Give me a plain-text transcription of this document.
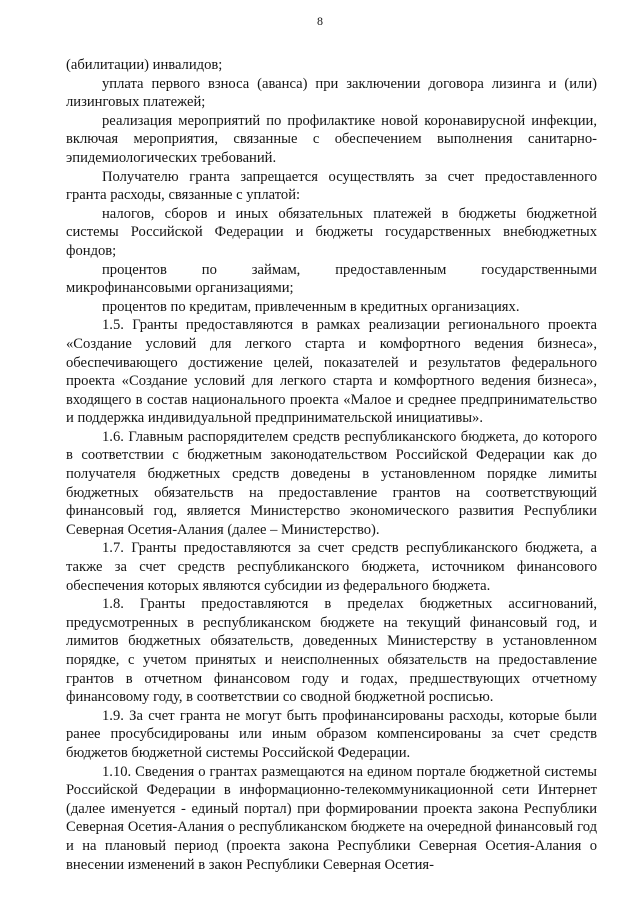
8

(абилитации) инвалидов;

уплата первого взноса (аванса) при заключении договора лизинга и (или) лизинговых платежей;

реализация мероприятий по профилактике новой коронавирусной инфекции, включая мероприятия, связанные с обеспечением выполнения санитарно-эпидемиологических требований.

Получателю гранта запрещается осуществлять за счет предоставленного гранта расходы, связанные с уплатой:

налогов, сборов и иных обязательных платежей в бюджеты бюджетной системы Российской Федерации и бюджеты государственных внебюджетных фондов;

процентов по займам, предоставленным государственными микрофинансовыми организациями;

процентов по кредитам, привлеченным в кредитных организациях.

1.5. Гранты предоставляются в рамках реализации регионального проекта «Создание условий для легкого старта и комфортного ведения бизнеса», обеспечивающего достижение целей, показателей и результатов федерального проекта «Создание условий для легкого старта и комфортного ведения бизнеса», входящего в состав национального проекта «Малое и среднее предпринимательство и поддержка индивидуальной предпринимательской инициативы».

1.6. Главным распорядителем средств республиканского бюджета, до которого в соответствии с бюджетным законодательством Российской Федерации как до получателя бюджетных средств доведены в установленном порядке лимиты бюджетных обязательств на предоставление грантов на соответствующий финансовый год, является Министерство экономического развития Республики Северная Осетия-Алания (далее – Министерство).

1.7. Гранты предоставляются за счет средств республиканского бюджета, а также за счет средств республиканского бюджета, источником финансового обеспечения которых являются субсидии из федерального бюджета.

1.8. Гранты предоставляются в пределах бюджетных ассигнований, предусмотренных в республиканском бюджете на текущий финансовый год, и лимитов бюджетных обязательств, доведенных Министерству в установленном порядке, с учетом принятых и неисполненных обязательств на предоставление грантов в отчетном финансовом году и годах, предшествующих отчетному финансовому году, в соответствии со сводной бюджетной росписью.

1.9. За счет гранта не могут быть профинансированы расходы, которые были ранее просубсидированы или иным образом компенсированы за счет средств бюджетов бюджетной системы Российской Федерации.

1.10. Сведения о грантах размещаются на едином портале бюджетной системы Российской Федерации в информационно-телекоммуникационной сети Интернет (далее именуется - единый портал) при формировании проекта закона Республики Северная Осетия-Алания о республиканском бюджете на очередной финансовый год и на плановый период (проекта закона Республики Северная Осетия-Алания о внесении изменений в закон Республики Северная Осетия-
